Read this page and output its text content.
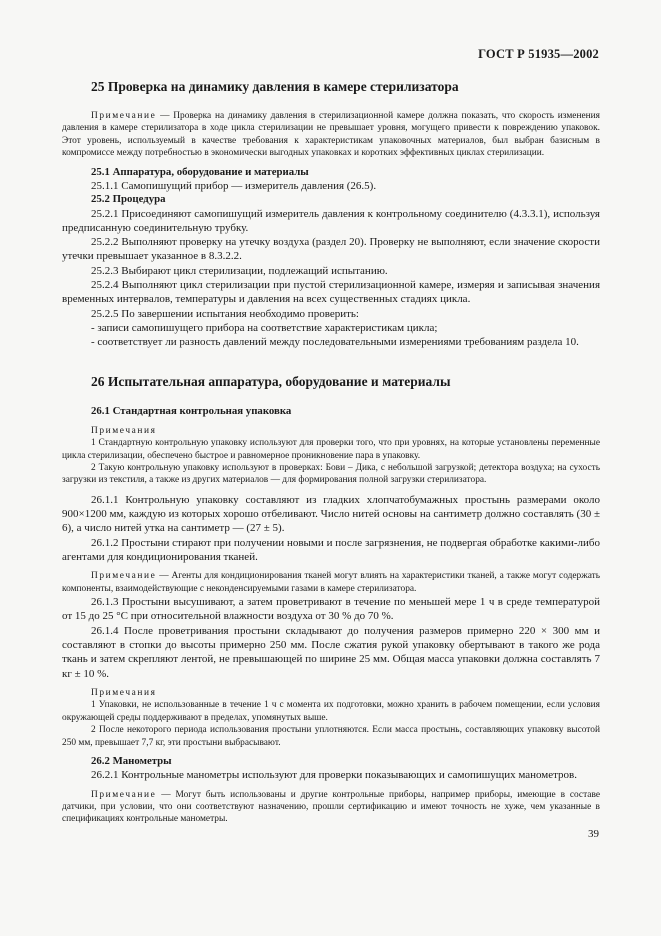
ГОСТ Р 51935—2002
25 Проверка на динамику давления в камере стерилизатора

Примечание — Проверка на динамику давления в стерилизационной камере должна показать, что скорость изменения давления в камере стерилизатора в ходе цикла стерилизации не превышает уровня, могущего привести к повреждению упаковок. Этот уровень, используемый в качестве требования к характеристикам упаковочных материалов, был выбран базисным в компромиссе между потребностью в экономически выгодных упаковках и коротких эффективных циклах стерилизации.

25.1 Аппаратура, оборудование и материалы

25.1.1 Самопишущий прибор — измеритель давления (26.5).

25.2 Процедура

25.2.1 Присоединяют самопишущий измеритель давления к контрольному соединителю (4.3.3.1), используя предписанную соединительную трубку.

25.2.2 Выполняют проверку на утечку воздуха (раздел 20). Проверку не выполняют, если значение скорости утечки превышает указанное в 8.3.2.2.

25.2.3 Выбирают цикл стерилизации, подлежащий испытанию.

25.2.4 Выполняют цикл стерилизации при пустой стерилизационной камере, измеряя и записывая значения временных интервалов, температуры и давления на всех существенных стадиях цикла.

25.2.5 По завершении испытания необходимо проверить:

- записи самопишущего прибора на соответствие характеристикам цикла;

- соответствует ли разность давлений между последовательными измерениями требованиям раздела 10.

26 Испытательная аппаратура, оборудование и материалы
26.1 Стандартная контрольная упаковка
Примечания

1 Стандартную контрольную упаковку используют для проверки того, что при уровнях, на которые установлены переменные цикла стерилизации, обеспечено быстрое и равномерное проникновение пара в упаковку.

2 Такую контрольную упаковку используют в проверках: Бови – Дика, с небольшой загрузкой; детектора воздуха; на сухость загрузки из текстиля, а также из других материалов — для формирования полной загрузки стерилизатора.

26.1.1 Контрольную упаковку составляют из гладких хлопчатобумажных простынь размерами около 900×1200 мм, каждую из которых хорошо отбеливают. Число нитей основы на сантиметр должно составлять (30 ± 6), а число нитей утка на сантиметр — (27 ± 5).

26.1.2 Простыни стирают при получении новыми и после загрязнения, не подвергая обработке какими-либо агентами для кондиционирования тканей.

Примечание — Агенты для кондиционирования тканей могут влиять на характеристики тканей, а также могут содержать компоненты, взаимодействующие с неконденсируемыми газами в камере стерилизатора.

26.1.3 Простыни высушивают, а затем проветривают в течение по меньшей мере 1 ч в среде температурой от 15 до 25 °С при относительной влажности воздуха от 30 % до 70 %.

26.1.4 После проветривания простыни складывают до получения размеров примерно 220 × 300 мм и составляют в стопки до высоты примерно 250 мм. После сжатия рукой упаковку обертывают в такого же рода ткань и затем скрепляют лентой, не превышающей по ширине 25 мм. Общая масса упаковки должна составлять 7 кг ± 10 %.

Примечания

1 Упаковки, не использованные в течение 1 ч с момента их подготовки, можно хранить в рабочем помещении, если условия окружающей среды поддерживают в пределах, упомянутых выше.

2 После некоторого периода использования простыни уплотняются. Если масса простынь, составляющих упаковку высотой 250 мм, превышает 7,7 кг, эти простыни выбрасывают.

26.2 Манометры

26.2.1 Контрольные манометры используют для проверки показывающих и самопишущих манометров.

Примечание — Могут быть использованы и другие контрольные приборы, например приборы, имеющие в составе датчики, при условии, что они соответствуют назначению, прошли сертификацию и имеют точность не хуже, чем указанные в спецификациях контрольные манометры.

39
